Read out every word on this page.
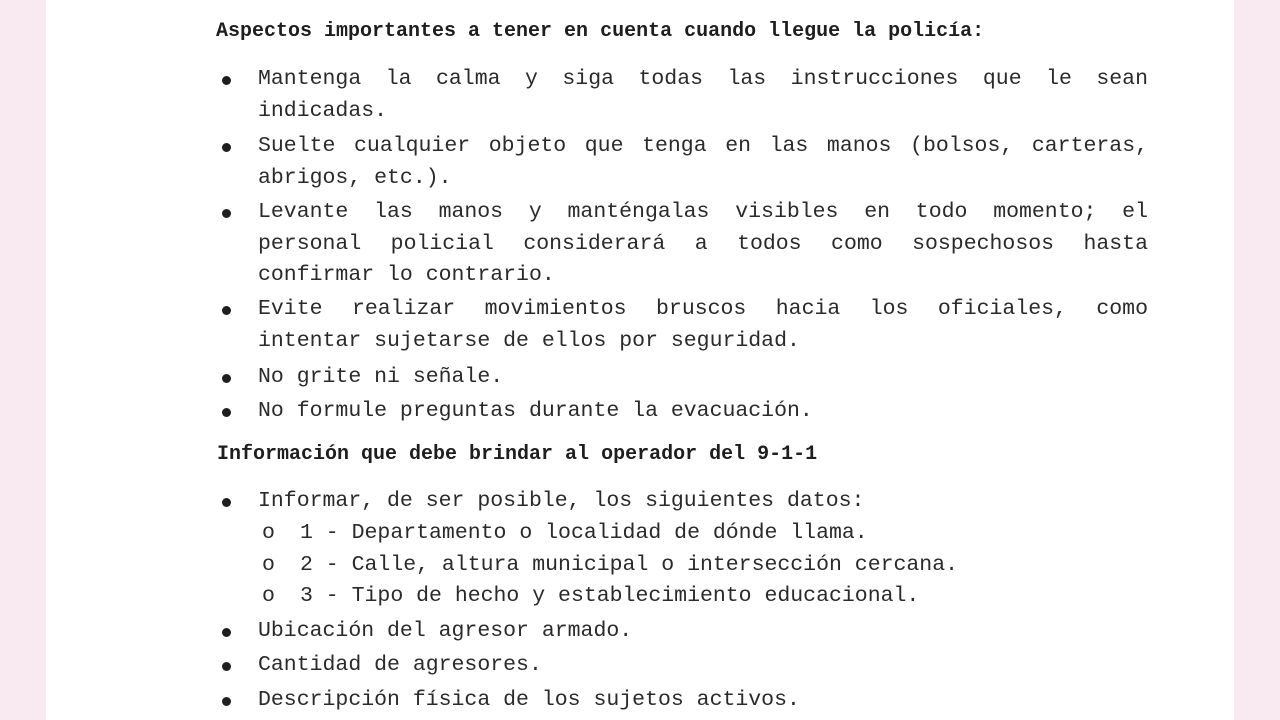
Aspectos importantes a tener en cuenta cuando llegue la policía:
Mantenga la calma y siga todas las instrucciones que le sean indicadas.
Suelte cualquier objeto que tenga en las manos (bolsos, carteras, abrigos, etc.).
Levante las manos y manténgalas visibles en todo momento; el personal policial considerará a todos como sospechosos hasta confirmar lo contrario.
Evite realizar movimientos bruscos hacia los oficiales, como intentar sujetarse de ellos por seguridad.
No grite ni señale.
No formule preguntas durante la evacuación.
Información que debe brindar al operador del 9-1-1
Informar, de ser posible, los siguientes datos:
o 1 - Departamento o localidad de dónde llama.
o 2 - Calle, altura municipal o intersección cercana.
o 3 - Tipo de hecho y establecimiento educacional.
Ubicación del agresor armado.
Cantidad de agresores.
Descripción física de los sujetos activos.
